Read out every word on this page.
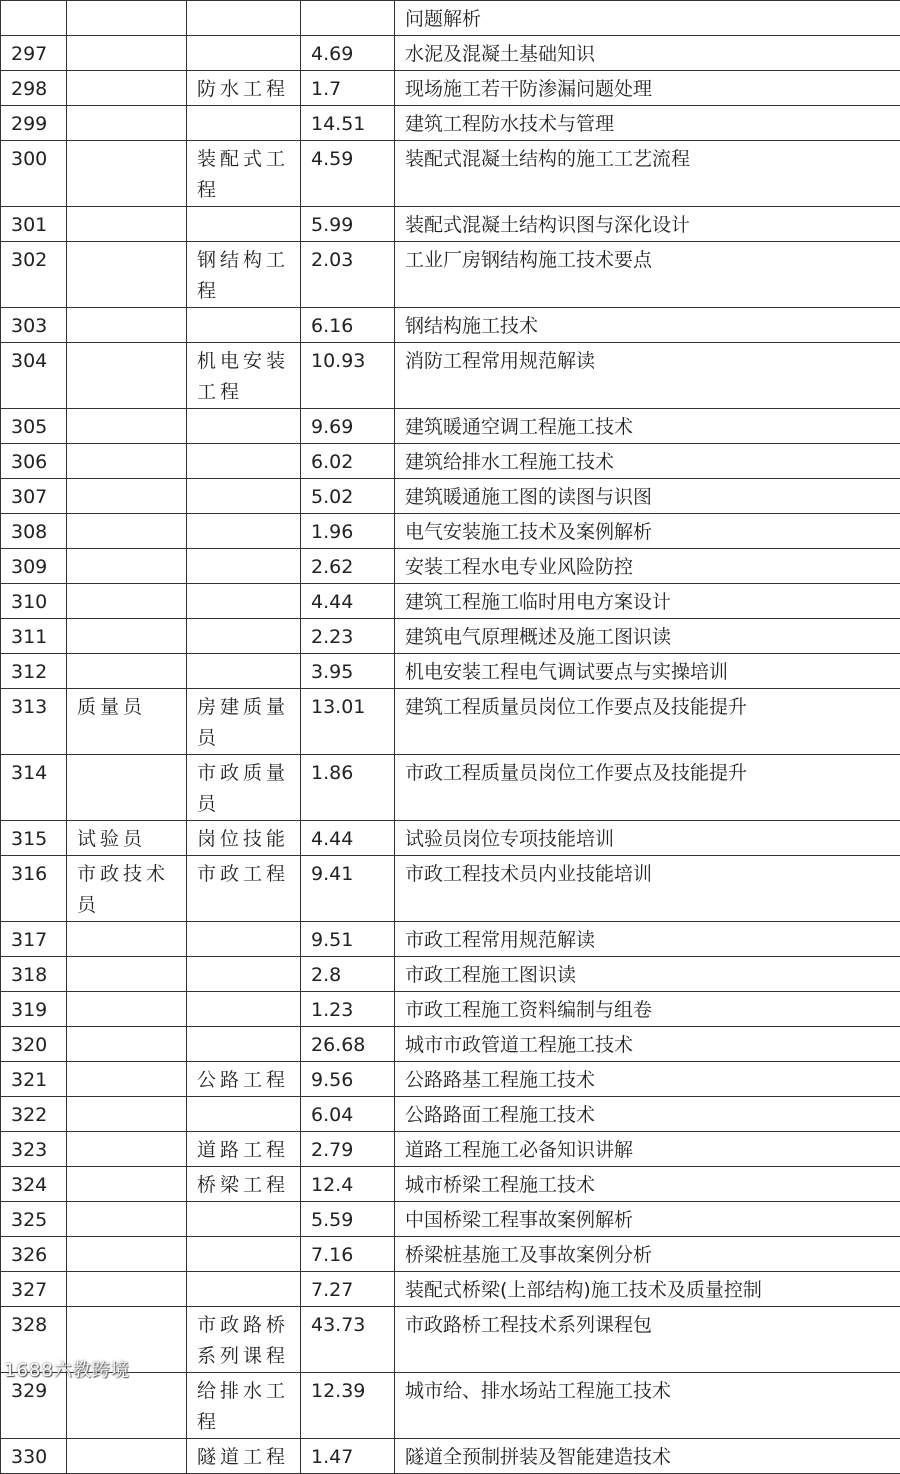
				问题解析
297			4.69	水泥及混凝土基础知识
298		防水工程	1.7	现场施工若干防渗漏问题处理
299			14.51	建筑工程防水技术与管理
300		装配式工程	4.59	装配式混凝土结构的施工工艺流程
301			5.99	装配式混凝土结构识图与深化设计
302		钢结构工程	2.03	工业厂房钢结构施工技术要点
303			6.16	钢结构施工技术
304		机电安装工程	10.93	消防工程常用规范解读
305			9.69	建筑暖通空调工程施工技术
306			6.02	建筑给排水工程施工技术
307			5.02	建筑暖通施工图的读图与识图
308			1.96	电气安装施工技术及案例解析
309			2.62	安装工程水电专业风险防控
310			4.44	建筑工程施工临时用电方案设计
311			2.23	建筑电气原理概述及施工图识读
312			3.95	机电安装工程电气调试要点与实操培训
313	质量员	房建质量员	13.01	建筑工程质量员岗位工作要点及技能提升
314		市政质量员	1.86	市政工程质量员岗位工作要点及技能提升
315	试验员	岗位技能	4.44	试验员岗位专项技能培训
316	市政技术员	市政工程	9.41	市政工程技术员内业技能培训
317			9.51	市政工程常用规范解读
318			2.8	市政工程施工图识读
319			1.23	市政工程施工资料编制与组卷
320			26.68	城市市政管道工程施工技术
321		公路工程	9.56	公路路基工程施工技术
322			6.04	公路路面工程施工技术
323		道路工程	2.79	道路工程施工必备知识讲解
324		桥梁工程	12.4	城市桥梁工程施工技术
325			5.59	中国桥梁工程事故案例解析
326			7.16	桥梁桩基施工及事故案例分析
327			7.27	装配式桥梁(上部结构)施工技术及质量控制
328		市政路桥系列课程	43.73	市政路桥工程技术系列课程包
329		给排水工程	12.39	城市给、排水场站工程施工技术
330		隧道工程	1.47	隧道全预制拼装及智能建造技术
1688六教跨境
